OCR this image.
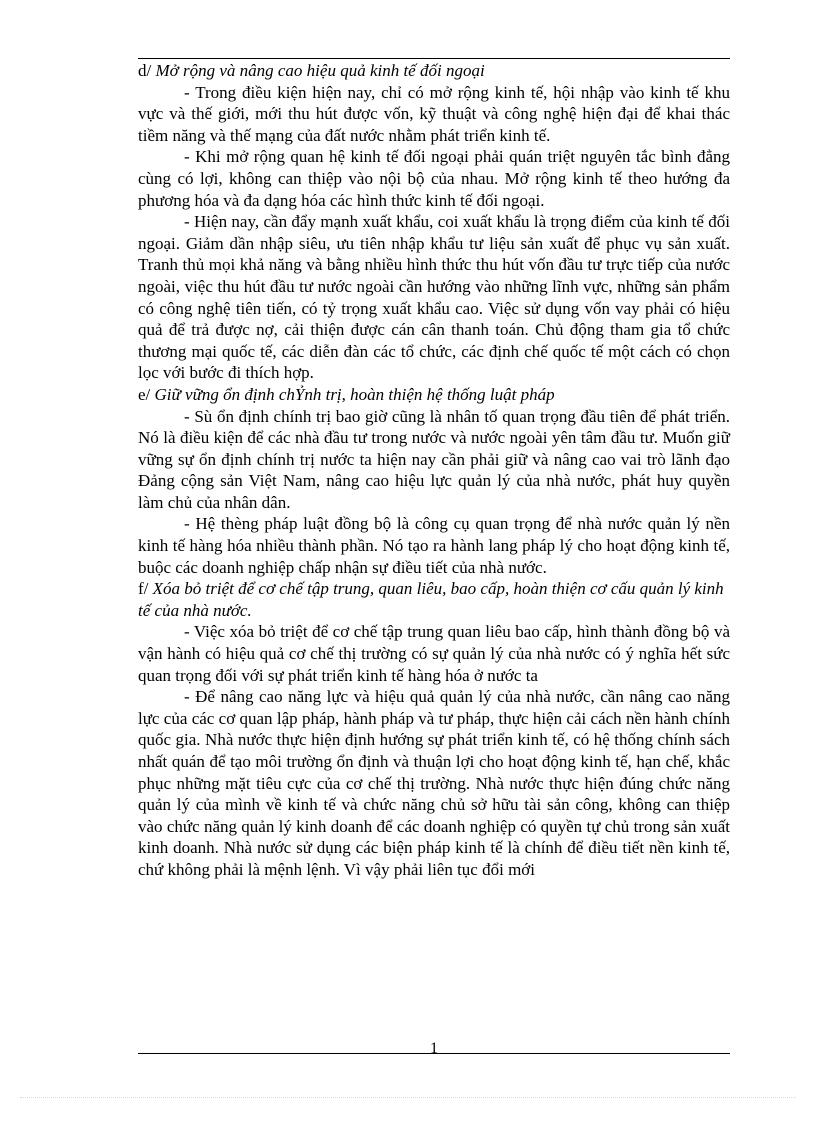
d/ Mở rộng và nâng cao hiệu quả kinh tế đối ngoại

- Trong điều kiện hiện nay, chỉ có mở rộng kinh tế, hội nhập vào kinh tế khu vực và thế giới, mới thu hút được vốn, kỹ thuật và công nghệ hiện đại để khai thác tiềm năng và thế mạng của đất nước nhằm phát triển kinh tế.

- Khi mở rộng quan hệ kinh tế đối ngoại phải quán triệt nguyên tắc bình đẳng cùng có lợi, không can thiệp vào nội bộ của nhau. Mở rộng kinh tế theo hướng đa phương hóa và đa dạng hóa các hình thức kinh tế đối ngoại.

- Hiện nay, cần đẩy mạnh xuất khẩu, coi xuất khẩu là trọng điểm của kinh tế đối ngoại. Giảm dần nhập siêu, ưu tiên nhập khẩu tư liệu sản xuất để phục vụ sản xuất. Tranh thủ mọi khả năng và bằng nhiều hình thức thu hút vốn đầu tư trực tiếp của nước ngoài, việc thu hút đầu tư nước ngoài cần hướng vào những lĩnh vực, những sản phẩm có công nghệ tiên tiến, có tỷ trọng xuất khẩu cao. Việc sử dụng vốn vay phải có hiệu quả để trả được nợ, cải thiện được cán cân thanh toán. Chủ động tham gia tổ chức thương mại quốc tế, các diễn đàn các tổ chức, các định chế quốc tế một cách có chọn lọc với bước đi thích hợp.

e/ Giữ vững ổn định chỶnh trị, hoàn thiện hệ thống luật pháp

- Sù ổn định chính trị bao giờ cũng là nhân tố quan trọng đầu tiên để phát triển. Nó là điều kiện để các nhà đầu tư trong nước và nước ngoài yên tâm đầu tư. Muốn giữ vững sự ổn định chính trị nước ta hiện nay cần phải giữ và nâng cao vai trò lãnh đạo Đảng cộng sản Việt Nam, nâng cao hiệu lực quản lý của nhà nước, phát huy quyền làm chủ của nhân dân.

- Hệ thèng pháp luật đồng bộ là công cụ quan trọng để nhà nước quản lý nền kinh tế hàng hóa nhiều thành phần. Nó tạo ra hành lang pháp lý cho hoạt động kinh tế, buộc các doanh nghiệp chấp nhận sự điều tiết của nhà nước.

f/ Xóa bỏ triệt để cơ chế tập trung, quan liêu, bao cấp, hoàn thiện cơ cấu quản lý kinh tế của nhà nước.

- Việc xóa bỏ triệt để cơ chế tập trung quan liêu bao cấp, hình thành đồng bộ và vận hành có hiệu quả cơ chế thị trường có sự quản lý của nhà nước có ý nghĩa hết sức quan trọng đối với sự phát triển kinh tế hàng hóa ở nước ta

- Để nâng cao năng lực và hiệu quả quản lý của nhà nước, cần nâng cao năng lực của các cơ quan lập pháp, hành pháp và tư pháp, thực hiện cải cách nền hành chính quốc gia. Nhà nước thực hiện định hướng sự phát triển kinh tế, có hệ thống chính sách nhất quán để tạo môi trường ổn định và thuận lợi cho hoạt động kinh tế, hạn chế, khắc phục những mặt tiêu cực của cơ chế thị trường. Nhà nước thực hiện đúng chức năng quản lý của mình về kinh tế và chức năng chủ sở hữu tài sản công, không can thiệp vào chức năng quản lý kinh doanh để các doanh nghiệp có quyền tự chủ trong sản xuất kinh doanh. Nhà nước sử dụng các biện pháp kinh tế là chính để điều tiết nền kinh tế, chứ không phải là mệnh lệnh. Vì vậy phải liên tục đổi mới

1
